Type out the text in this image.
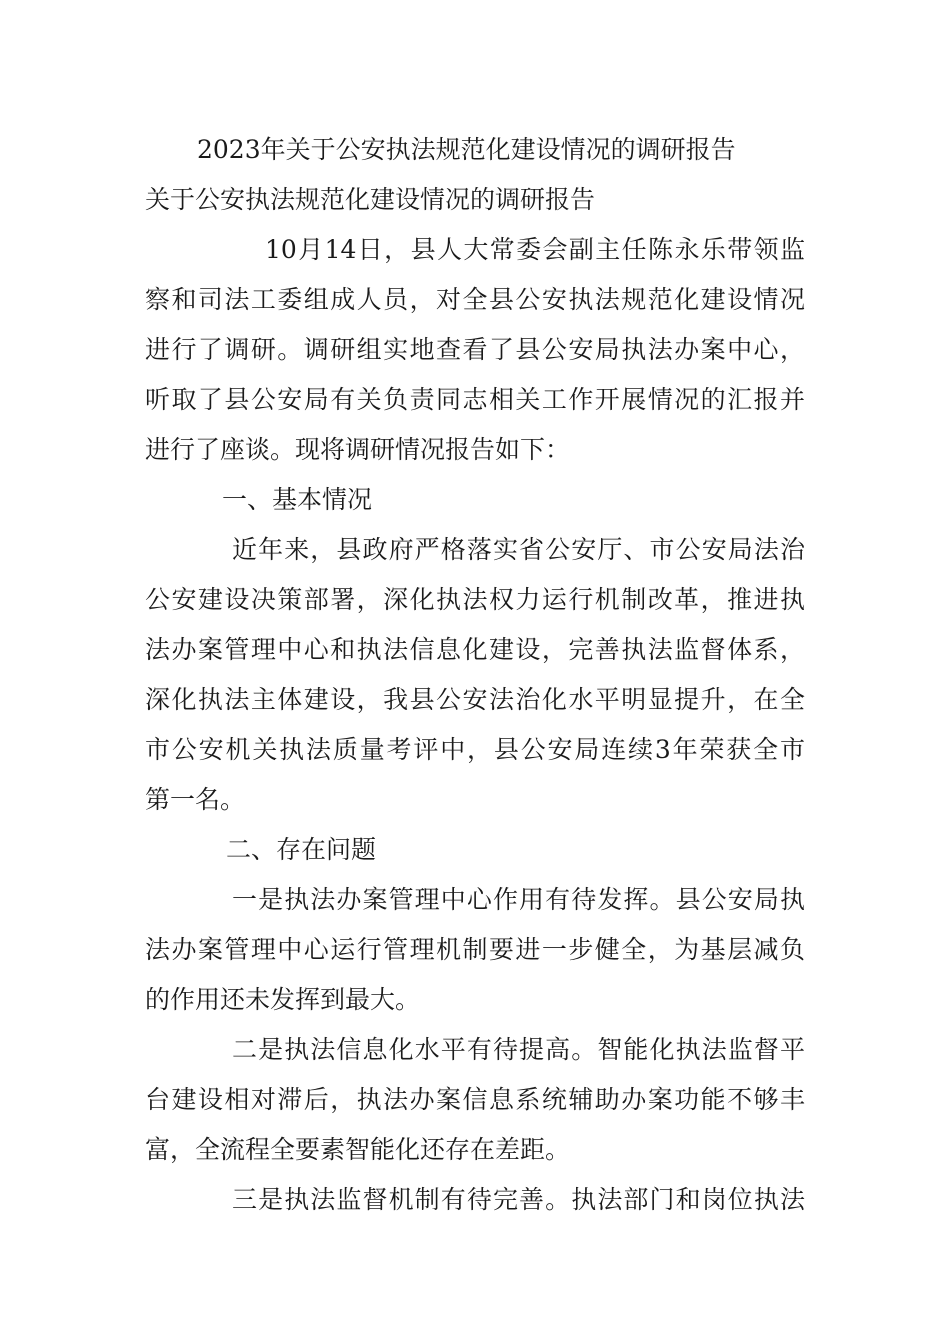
2023年关于公安执法规范化建设情况的调研报告
关于公安执法规范化建设情况的调研报告
10月14日，县人大常委会副主任陈永乐带领监
察和司法工委组成人员，对全县公安执法规范化建设情况
进行了调研。调研组实地查看了县公安局执法办案中心，
听取了县公安局有关负责同志相关工作开展情况的汇报并
进行了座谈。现将调研情况报告如下：
一、基本情况
近年来，县政府严格落实省公安厅、市公安局法治
公安建设决策部署，深化执法权力运行机制改革，推进执
法办案管理中心和执法信息化建设，完善执法监督体系，
深化执法主体建设，我县公安法治化水平明显提升，在全
市公安机关执法质量考评中，县公安局连续3年荣获全市
第一名。
二、存在问题
一是执法办案管理中心作用有待发挥。县公安局执
法办案管理中心运行管理机制要进一步健全，为基层减负
的作用还未发挥到最大。
二是执法信息化水平有待提高。智能化执法监督平
台建设相对滞后，执法办案信息系统辅助办案功能不够丰
富，全流程全要素智能化还存在差距。
三是执法监督机制有待完善。执法部门和岗位执法
